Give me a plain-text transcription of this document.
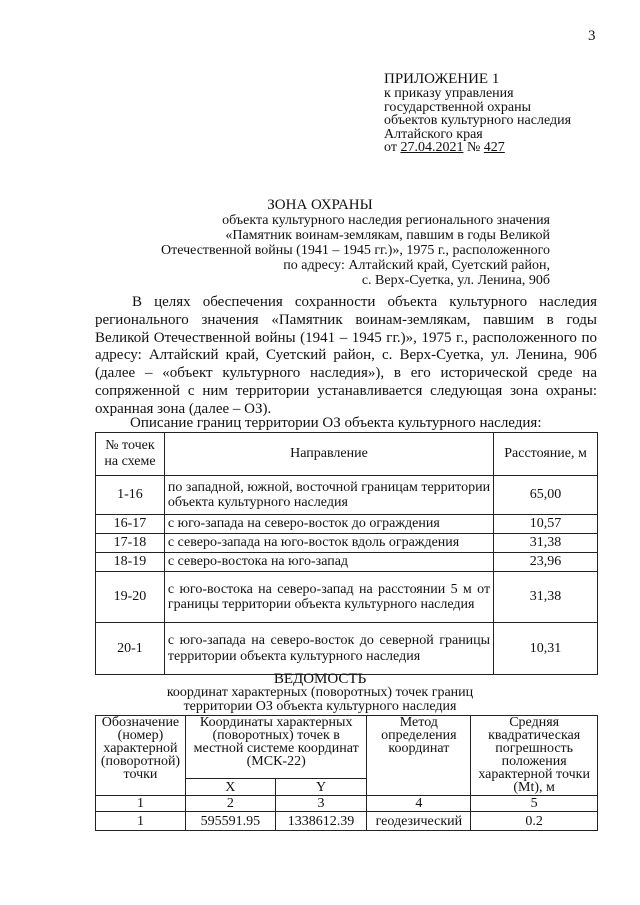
3
ПРИЛОЖЕНИЕ 1
к приказу управления
государственной охраны
объектов культурного наследия
Алтайского края
от 27.04.2021 № 427
ЗОНА ОХРАНЫ
объекта культурного наследия регионального значения
«Памятник воинам-землякам, павшим в годы Великой
Отечественной войны (1941 – 1945 гг.)», 1975 г., расположенного
по адресу: Алтайский край, Суетский район,
с. Верх-Суетка, ул. Ленина, 90б
В целях обеспечения сохранности объекта культурного наследия регионального значения «Памятник воинам-землякам, павшим в годы Великой Отечественной войны (1941 – 1945 гг.)», 1975 г., расположенного по адресу: Алтайский край, Суетский район, с. Верх-Суетка, ул. Ленина, 90б (далее – «объект культурного наследия»), в его исторической среде на сопряженной с ним территории устанавливается следующая зона охраны: охранная зона (далее – ОЗ).
Описание границ территории ОЗ объекта культурного наследия:
№ точек на схеме	Направление	Расстояние, м
1-16	по западной, южной, восточной границам территории объекта культурного наследия	65,00
16-17	с юго-запада на северо-восток до ограждения	10,57
17-18	с северо-запада на юго-восток вдоль ограждения	31,38
18-19	с северо-востока на юго-запад	23,96
19-20	с юго-востока на северо-запад на расстоянии 5 м от границы территории объекта культурного наследия	31,38
20-1	с юго-запада на северо-восток до северной границы территории объекта культурного наследия	10,31
ВЕДОМОСТЬ
координат характерных (поворотных) точек границ
территории ОЗ объекта культурного наследия
Обозначение (номер) характерной (поворотной) точки	Координаты характерных (поворотных) точек в местной системе координат (МСК-22)		Метод определения координат	Средняя квадратическая погрешность положения характерной точки (Mt), м
	X	Y		
1	2	3	4	5
1	595591.95	1338612.39	геодезический	0.2
